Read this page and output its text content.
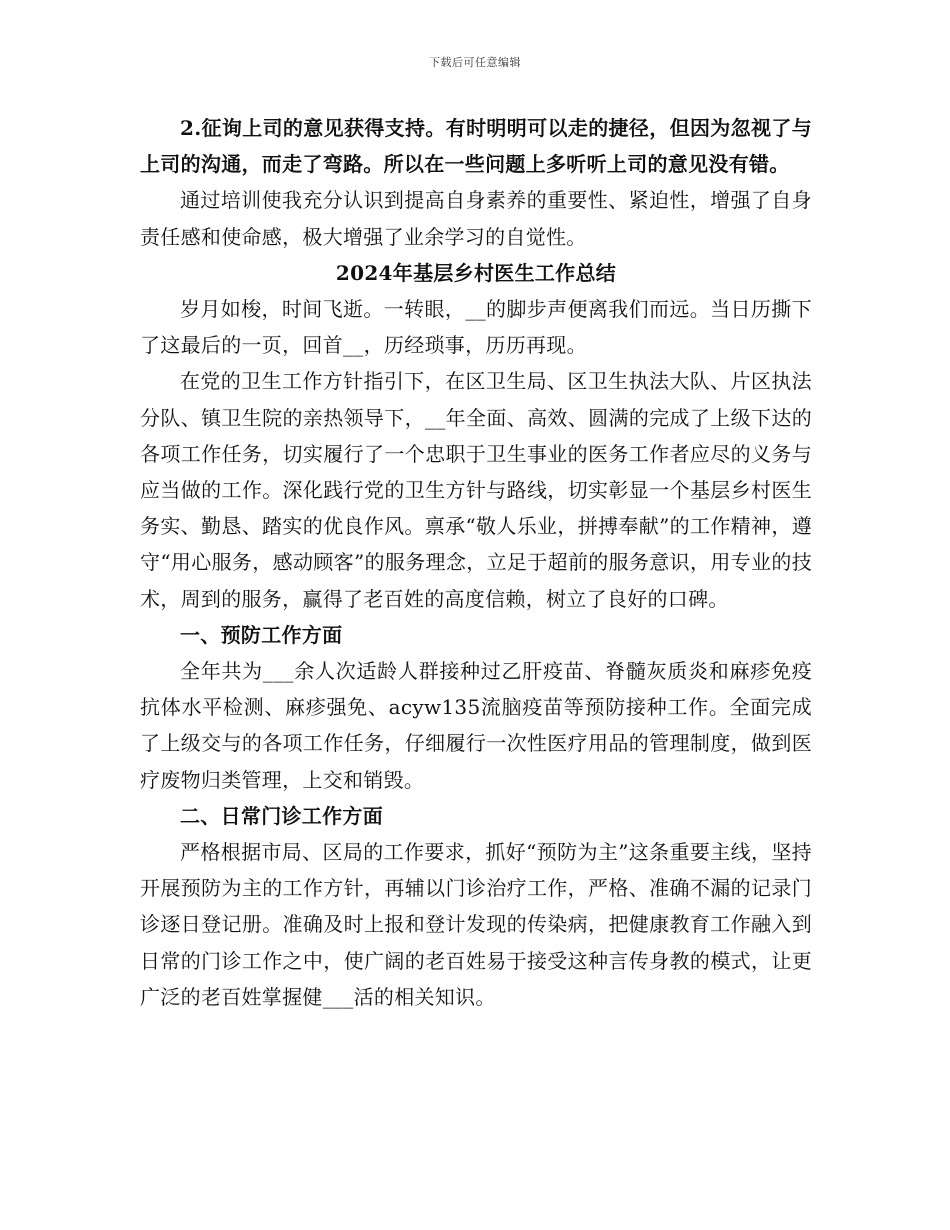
下载后可任意编辑

2.征询上司的意见获得支持。有时明明可以走的捷径，但因为忽视了与上司的沟通，而走了弯路。所以在一些问题上多听听上司的意见没有错。

通过培训使我充分认识到提高自身素养的重要性、紧迫性，增强了自身责任感和使命感，极大增强了业余学习的自觉性。

2024年基层乡村医生工作总结

岁月如梭，时间飞逝。一转眼，__的脚步声便离我们而远。当日历撕下了这最后的一页，回首__，历经琐事，历历再现。

在党的卫生工作方针指引下，在区卫生局、区卫生执法大队、片区执法分队、镇卫生院的亲热领导下，__年全面、高效、圆满的完成了上级下达的各项工作任务，切实履行了一个忠职于卫生事业的医务工作者应尽的义务与应当做的工作。深化践行党的卫生方针与路线，切实彰显一个基层乡村医生务实、勤恳、踏实的优良作风。禀承“敬人乐业，拼搏奉献”的工作精神，遵守“用心服务，感动顾客”的服务理念，立足于超前的服务意识，用专业的技术，周到的服务，赢得了老百姓的高度信赖，树立了良好的口碑。

一、预防工作方面

全年共为___余人次适龄人群接种过乙肝疫苗、脊髓灰质炎和麻疹免疫抗体水平检测、麻疹强免、acyw135流脑疫苗等预防接种工作。全面完成了上级交与的各项工作任务，仔细履行一次性医疗用品的管理制度，做到医疗废物归类管理，上交和销毁。

二、日常门诊工作方面

严格根据市局、区局的工作要求，抓好“预防为主”这条重要主线，坚持开展预防为主的工作方针，再辅以门诊治疗工作，严格、准确不漏的记录门诊逐日登记册。准确及时上报和登计发现的传染病，把健康教育工作融入到日常的门诊工作之中，使广阔的老百姓易于接受这种言传身教的模式，让更广泛的老百姓掌握健___活的相关知识。
